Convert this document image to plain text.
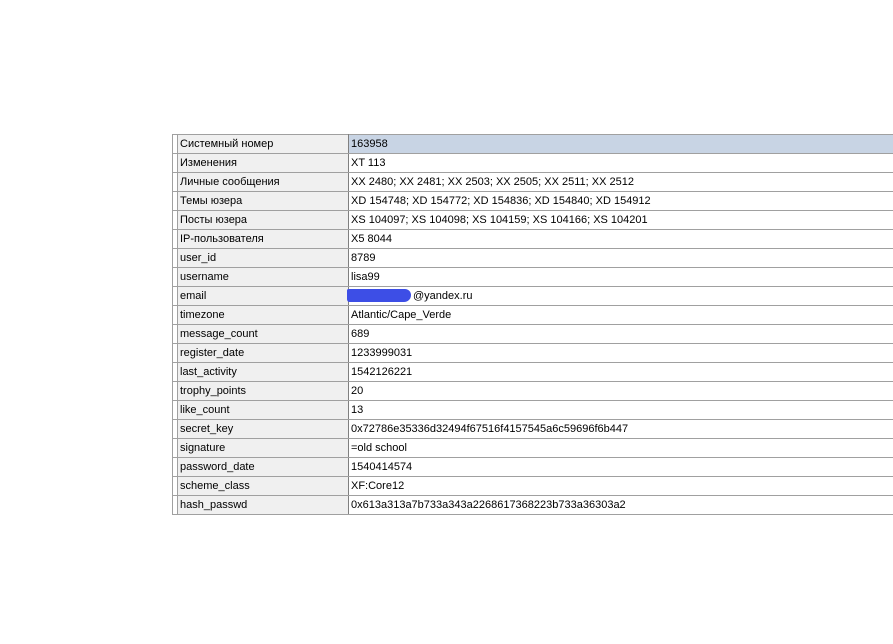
	Системный номер	163958
	Изменения	XT 113
	Личные сообщения	XX 2480; XX 2481; XX 2503; XX 2505; XX 2511; XX 2512
	Темы юзера	XD 154748; XD 154772; XD 154836; XD 154840; XD 154912
	Посты юзера	XS 104097; XS 104098; XS 104159; XS 104166; XS 104201
	IP-пользователя	X5 8044
	user_id	8789
	username	lisa99
	email	@yandex.ru
	timezone	Atlantic/Cape_Verde
	message_count	689
	register_date	1233999031
	last_activity	1542126221
	trophy_points	20
	like_count	13
	secret_key	0x72786e35336d32494f67516f4157545a6c59696f6b447
	signature	=old school
	password_date	1540414574
	scheme_class	XF:Core12
	hash_passwd	0x613a313a7b733a343a2268617368223b733a36303a2
